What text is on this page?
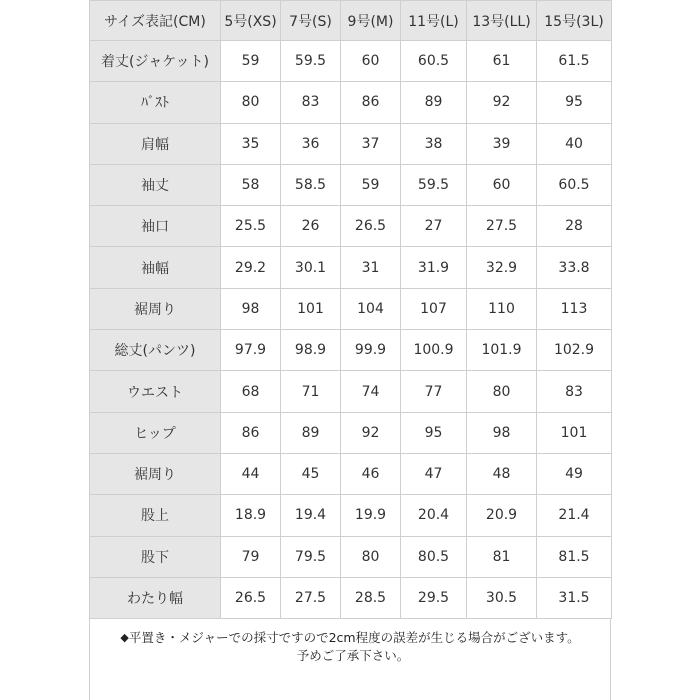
サイズ表記(CM)	5号(XS)	7号(S)	9号(M)	11号(L)	13号(LL)	15号(3L)
着丈(ジャケット)	59	59.5	60	60.5	61	61.5
ﾊﾞｽﾄ	80	83	86	89	92	95
肩幅	35	36	37	38	39	40
袖丈	58	58.5	59	59.5	60	60.5
袖口	25.5	26	26.5	27	27.5	28
袖幅	29.2	30.1	31	31.9	32.9	33.8
裾周り	98	101	104	107	110	113
総丈(パンツ)	97.9	98.9	99.9	100.9	101.9	102.9
ウエスト	68	71	74	77	80	83
ヒップ	86	89	92	95	98	101
裾周り	44	45	46	47	48	49
股上	18.9	19.4	19.9	20.4	20.9	21.4
股下	79	79.5	80	80.5	81	81.5
わたり幅	26.5	27.5	28.5	29.5	30.5	31.5
◆平置き・メジャーでの採寸ですので2cm程度の誤差が生じる場合がございます。
予めご了承下さい。
